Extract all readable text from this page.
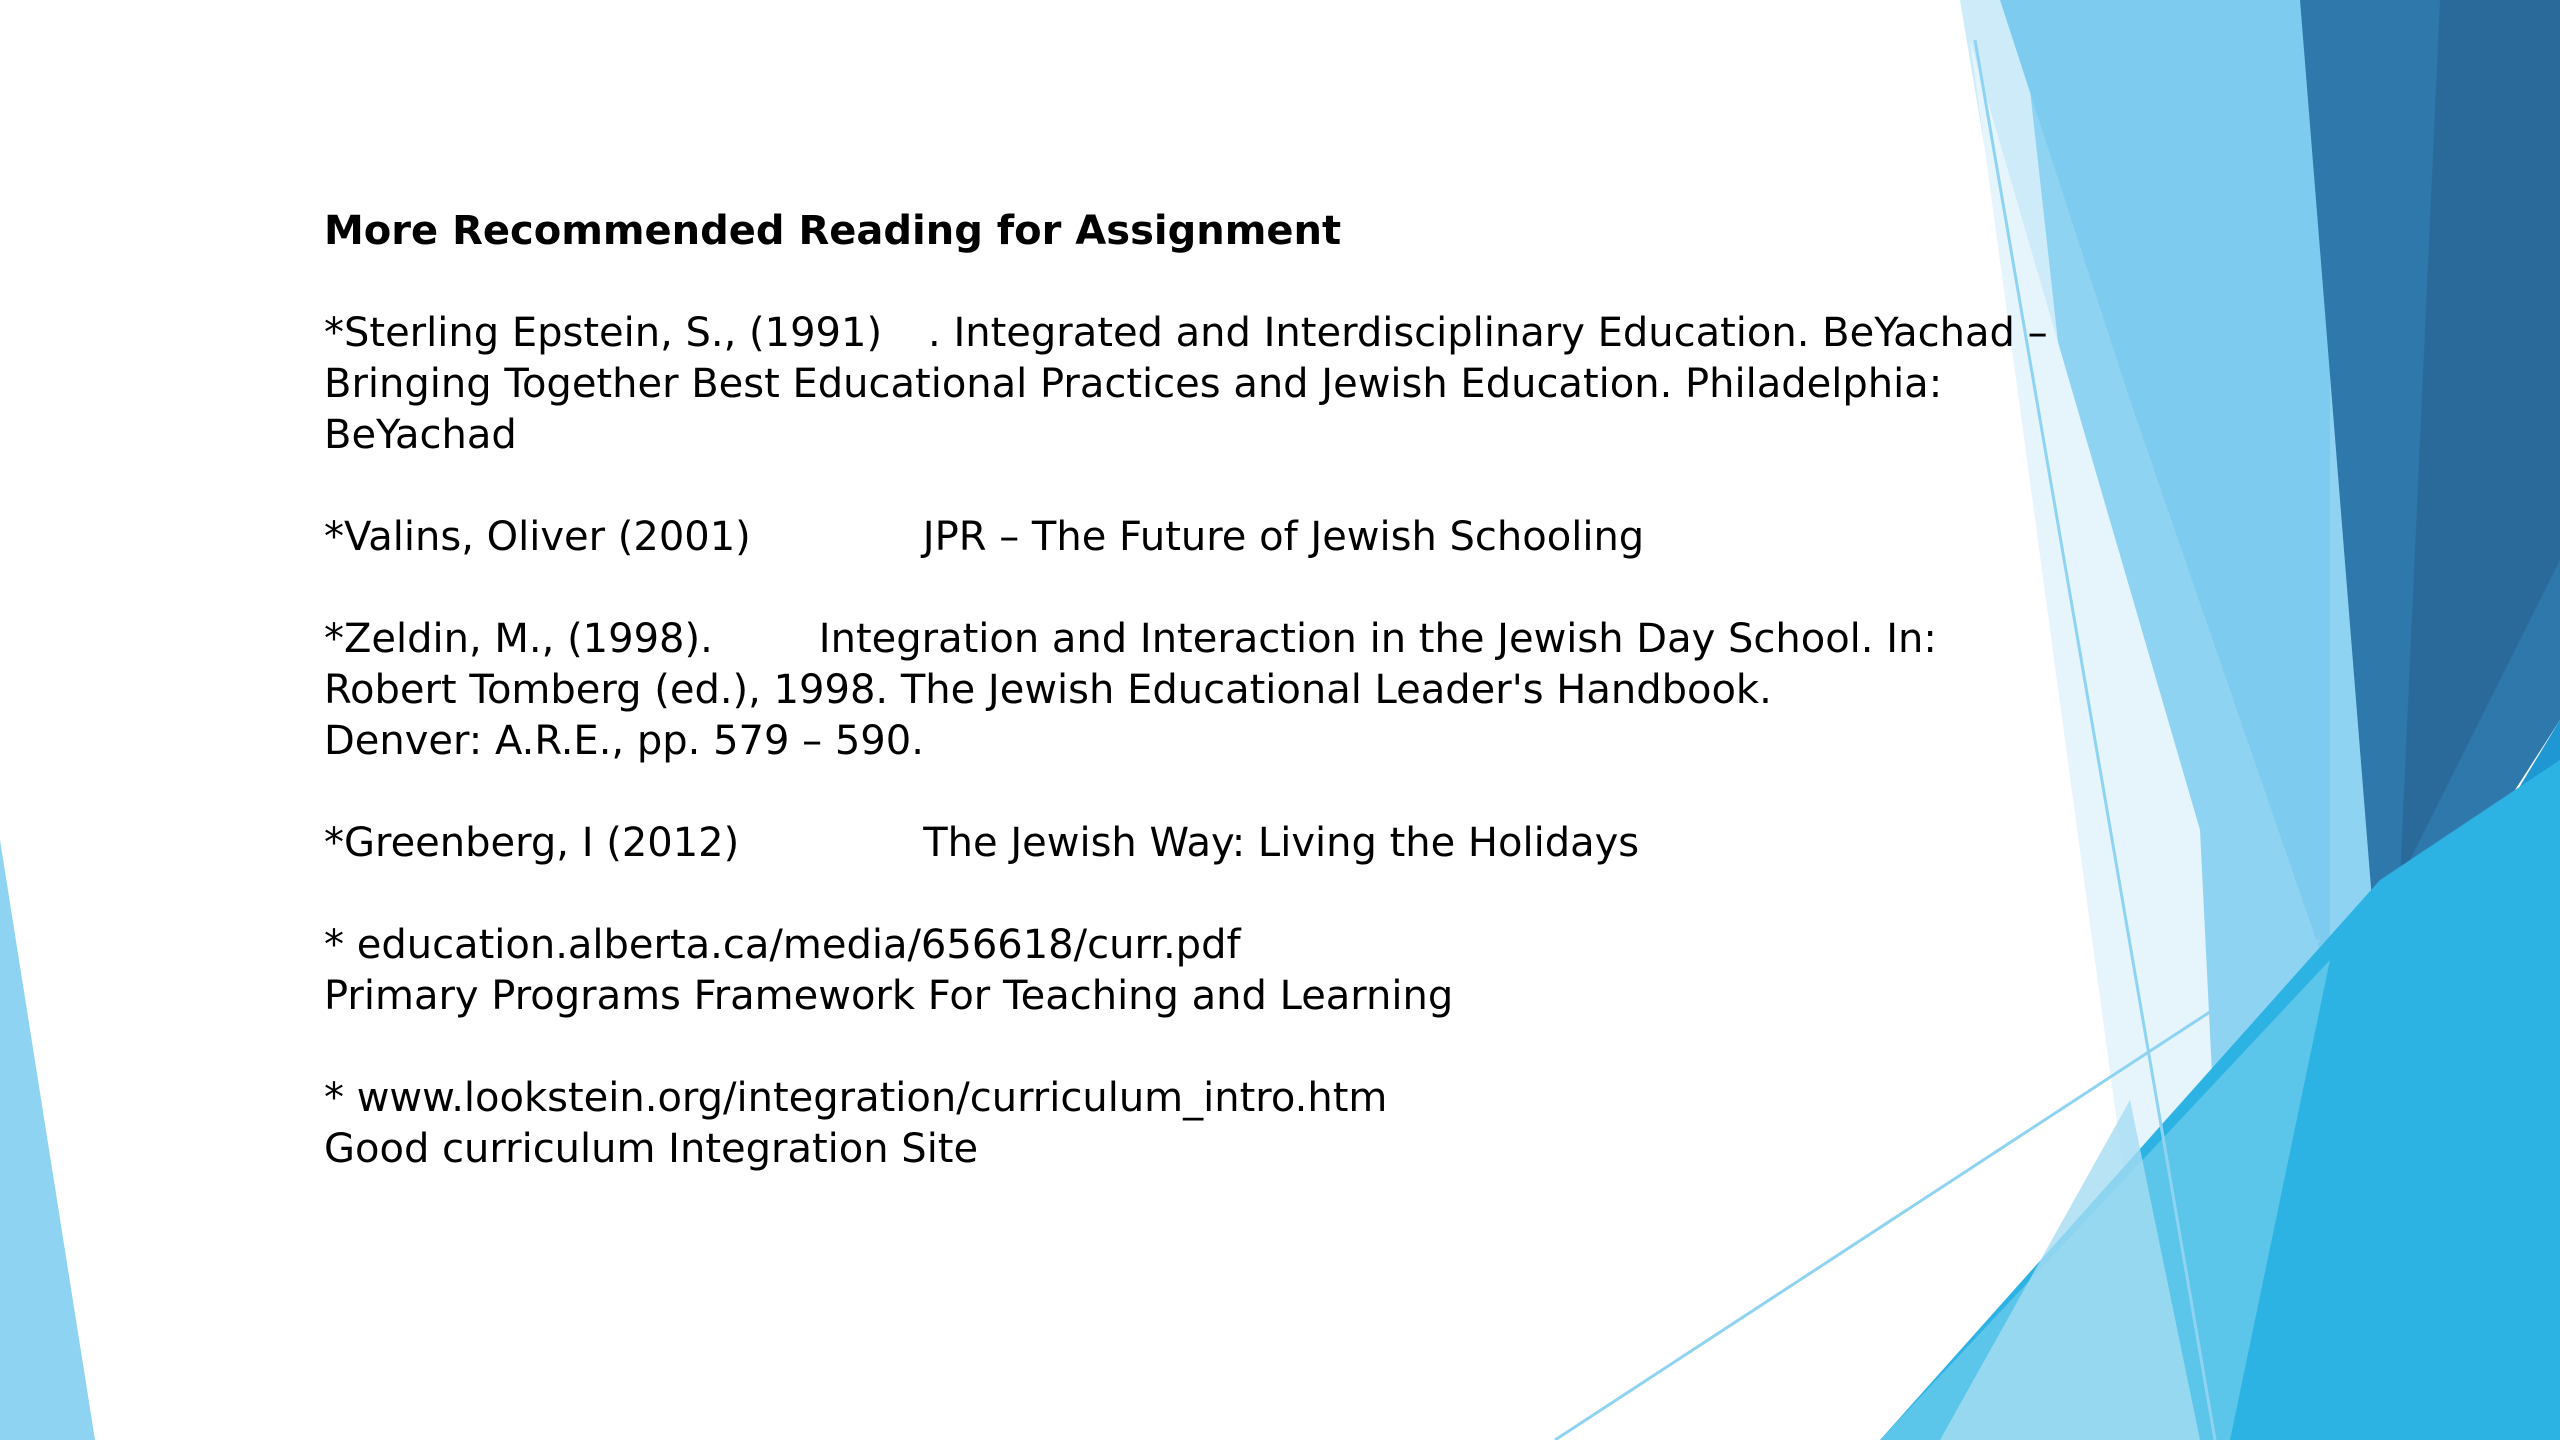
More Recommended Reading for Assignment
*Sterling Epstein, S., (1991) . Integrated and Interdisciplinary Education. BeYachad –
Bringing Together Best Educational Practices and Jewish Education. Philadelphia:
BeYachad
*Valins, Oliver (2001)	JPR – The Future of Jewish Schooling
*Zeldin, M., (1998).	Integration and Interaction in the Jewish Day School. In:
Robert Tomberg (ed.), 1998. The Jewish Educational Leader's Handbook.
Denver: A.R.E., pp. 579 – 590.
*Greenberg, I (2012)	The Jewish Way: Living the Holidays
* education.alberta.ca/media/656618/curr.pdf
Primary Programs Framework For Teaching and Learning
* www.lookstein.org/integration/curriculum_intro.htm
Good curriculum Integration Site
